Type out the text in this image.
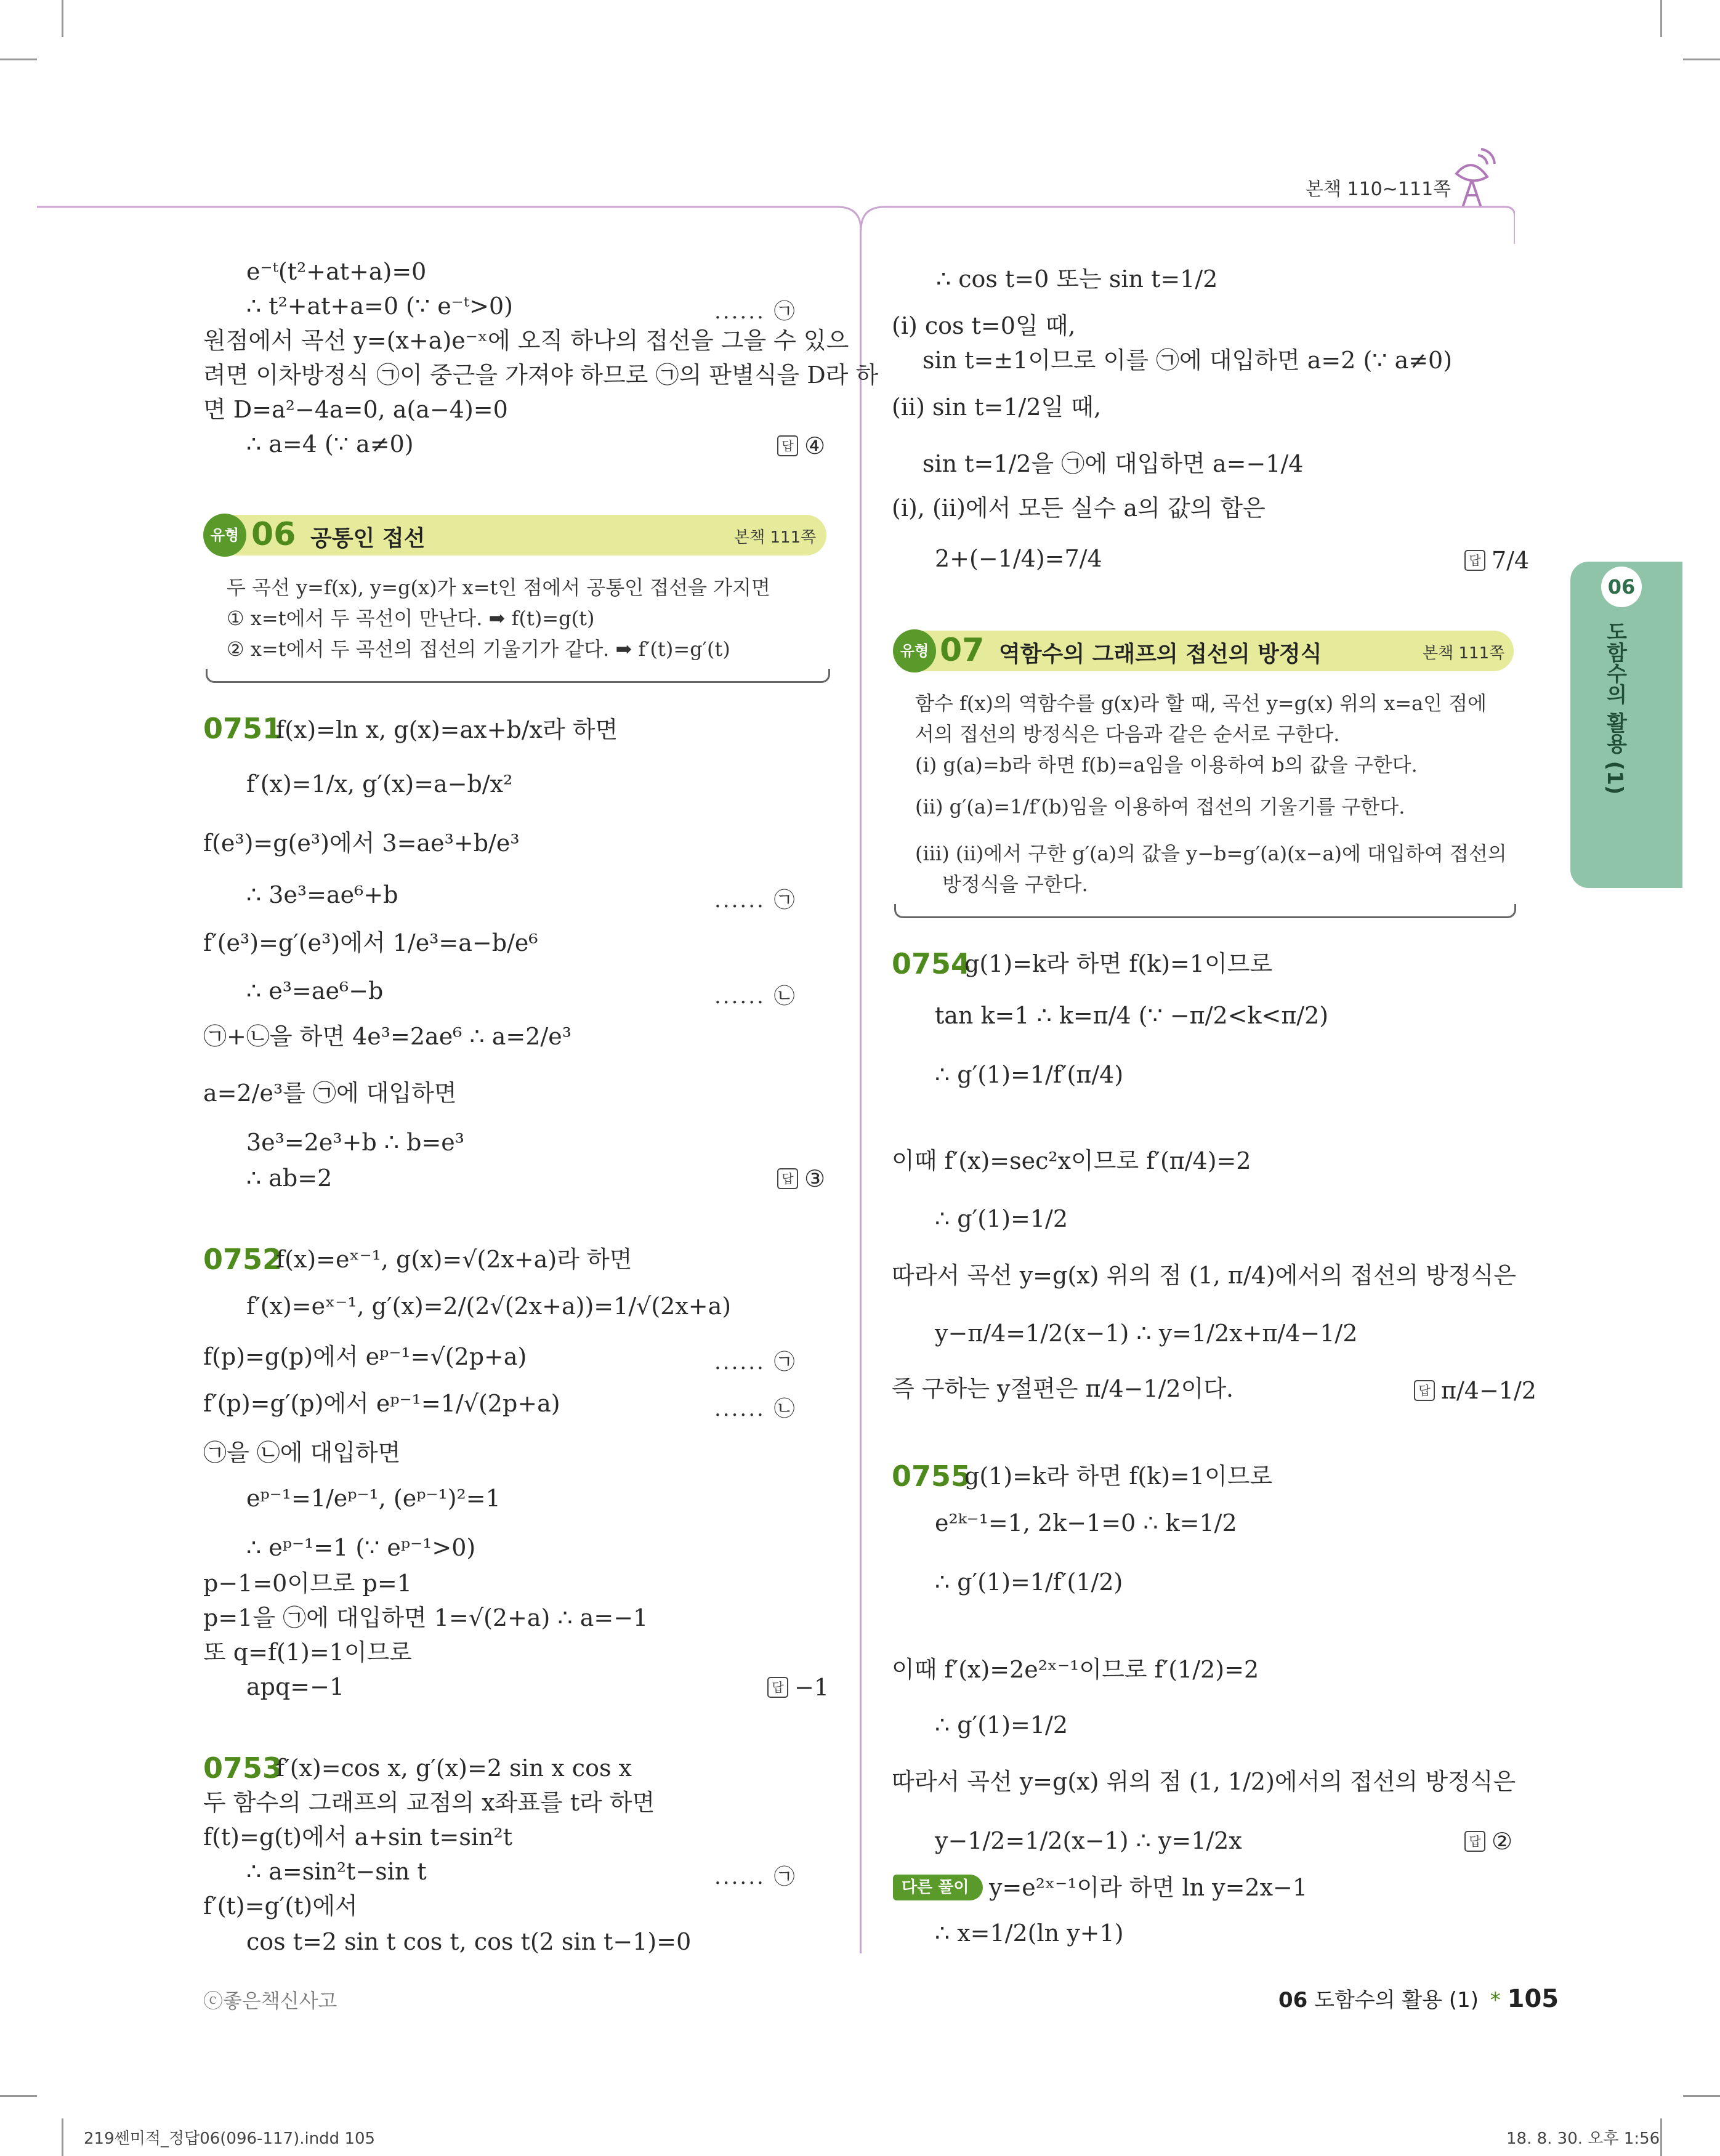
본책 110~111쪽
06
도함수의 활용 (1)
e⁻ᵗ(t²+at+a)=0
∴ t²+at+a=0 (∵ e⁻ᵗ>0)	...... ㉠
원점에서 곡선 y=(x+a)e⁻ˣ에 오직 하나의 접선을 그을 수 있으
려면 이차방정식 ㉠이 중근을 가져야 하므로 ㉠의 판별식을 D라 하
면 D=a²−4a=0, a(a−4)=0
∴ a=4 (∵ a≠0)	답 ④
유형 06 공통인 접선	본책 111쪽
두 곡선 y=f(x), y=g(x)가 x=t인 점에서 공통인 접선을 가지면
① x=t에서 두 곡선이 만난다. ➡ f(t)=g(t)
② x=t에서 두 곡선의 접선의 기울기가 같다. ➡ f′(t)=g′(t)
0751
f(x)=ln x, g(x)=ax+b/x라 하면
f′(x)=1/x, g′(x)=a−b/x²
f(e³)=g(e³)에서 3=ae³+b/e³
∴ 3e³=ae⁶+b	...... ㉠
f′(e³)=g′(e³)에서 1/e³=a−b/e⁶
∴ e³=ae⁶−b	...... ㉡
㉠+㉡을 하면 4e³=2ae⁶ ∴ a=2/e³
a=2/e³를 ㉠에 대입하면
3e³=2e³+b ∴ b=e³
∴ ab=2	답 ③
0752
f(x)=eˣ⁻¹, g(x)=√(2x+a)라 하면
f′(x)=eˣ⁻¹, g′(x)=2/(2√(2x+a))=1/√(2x+a)
f(p)=g(p)에서 eᵖ⁻¹=√(2p+a)	...... ㉠
f′(p)=g′(p)에서 eᵖ⁻¹=1/√(2p+a)	...... ㉡
㉠을 ㉡에 대입하면
eᵖ⁻¹=1/eᵖ⁻¹, (eᵖ⁻¹)²=1
∴ eᵖ⁻¹=1 (∵ eᵖ⁻¹>0)
p−1=0이므로 p=1
p=1을 ㉠에 대입하면 1=√(2+a) ∴ a=−1
또 q=f(1)=1이므로
apq=−1	답 −1
0753
f′(x)=cos x, g′(x)=2 sin x cos x
두 함수의 그래프의 교점의 x좌표를 t라 하면
f(t)=g(t)에서 a+sin t=sin²t
∴ a=sin²t−sin t	...... ㉠
f′(t)=g′(t)에서
cos t=2 sin t cos t, cos t(2 sin t−1)=0
∴ cos t=0 또는 sin t=1/2
(ⅰ) cos t=0일 때,
sin t=±1이므로 이를 ㉠에 대입하면 a=2 (∵ a≠0)
(ⅱ) sin t=1/2일 때,
sin t=1/2을 ㉠에 대입하면 a=−1/4
(ⅰ), (ⅱ)에서 모든 실수 a의 값의 합은
2+(−1/4)=7/4	답 7/4
유형 07 역함수의 그래프의 접선의 방정식	본책 111쪽
함수 f(x)의 역함수를 g(x)라 할 때, 곡선 y=g(x) 위의 x=a인 점에
서의 접선의 방정식은 다음과 같은 순서로 구한다.
(ⅰ) g(a)=b라 하면 f(b)=a임을 이용하여 b의 값을 구한다.
(ⅱ) g′(a)=1/f′(b)임을 이용하여 접선의 기울기를 구한다.
(ⅲ) (ⅱ)에서 구한 g′(a)의 값을 y−b=g′(a)(x−a)에 대입하여 접선의
방정식을 구한다.
0754
g(1)=k라 하면 f(k)=1이므로
tan k=1 ∴ k=π/4 (∵ −π/2<k<π/2)
∴ g′(1)=1/f′(π/4)
이때 f′(x)=sec²x이므로 f′(π/4)=2
∴ g′(1)=1/2
따라서 곡선 y=g(x) 위의 점 (1, π/4)에서의 접선의 방정식은
y−π/4=1/2(x−1) ∴ y=1/2x+π/4−1/2
즉 구하는 y절편은 π/4−1/2이다.	답 π/4−1/2
0755
g(1)=k라 하면 f(k)=1이므로
e²ᵏ⁻¹=1, 2k−1=0 ∴ k=1/2
∴ g′(1)=1/f′(1/2)
이때 f′(x)=2e²ˣ⁻¹이므로 f′(1/2)=2
∴ g′(1)=1/2
따라서 곡선 y=g(x) 위의 점 (1, 1/2)에서의 접선의 방정식은
y−1/2=1/2(x−1) ∴ y=1/2x	답 ②
다른 풀이 y=e²ˣ⁻¹이라 하면 ln y=2x−1
∴ x=1/2(ln y+1)
ⓒ좋은책신사고	06 도함수의 활용 (1) * 105
219쎈미적_정답06(096-117).indd 105	18. 8. 30. 오후 1:56
